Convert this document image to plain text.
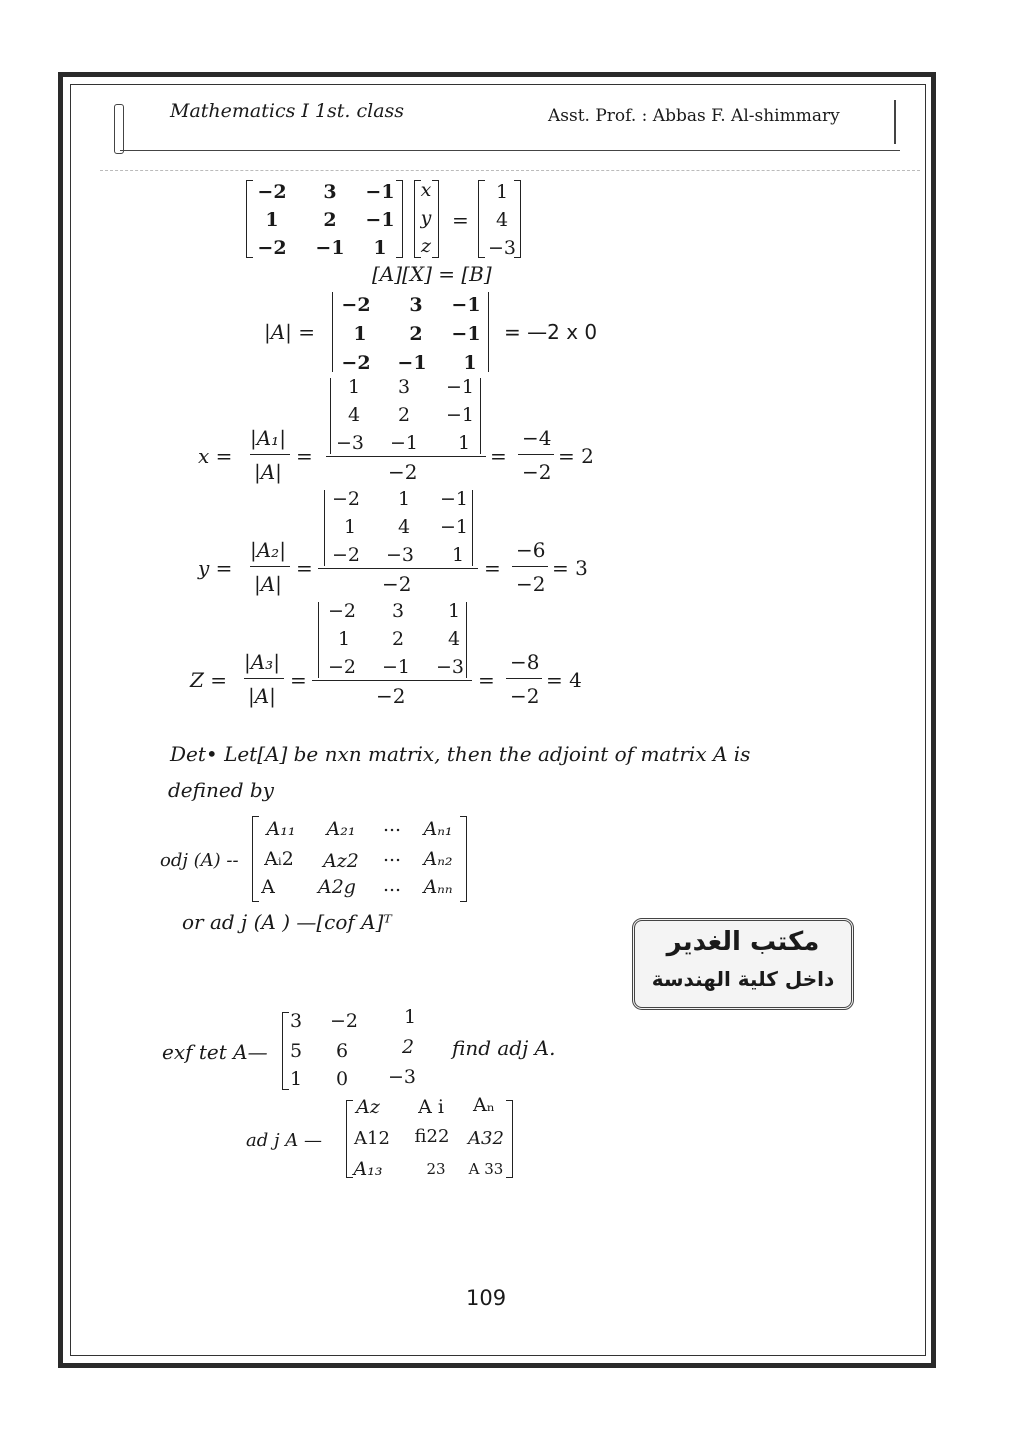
Mathematics I 1st. class	Asst. Prof. : Abbas F. Al-shimmary
−2	3	−1
1	2	−1
−2 −1	1
x
y
z
=
1
4
−3
[A][X] = [B]
|A| =
−2	3	−1
1	2	−1
−2 −1	1
= —2 x 0
x =
|A₁|
|A|
=
1	3	−1
4	2	−1
−3	−1	1
−2
=
−4
−2
= 2
y =
|A₂|
|A|
=
−2	1	−1
1	4	−1
−2	−3	1
−2
=
−6
−2
= 3
Z =
|A₃|
|A|
=
−2	3	1
1	2	4
−2	−1	−3
−2
=
−8
−2
= 4
Det• Let[A] be nxn matrix, then the adjoint of matrix A is
defined by
odj (A) --
A₁₁	A₂₁	...	Aₙ₁
Aᵢ2	Az2	...	Aₙ₂
A	A2g	...	Aₙₙ
or ad j (A ) —[cof A]ᵀ
مكتب الغدير
داخل كلية الهندسة
exf tet A—
3	−2	1
5	6	2
1	0	−3
find adj A.
ad j A —
Az	A i	Aₙ
A12 fi22 A32
A₁₃	23	A 33
109
